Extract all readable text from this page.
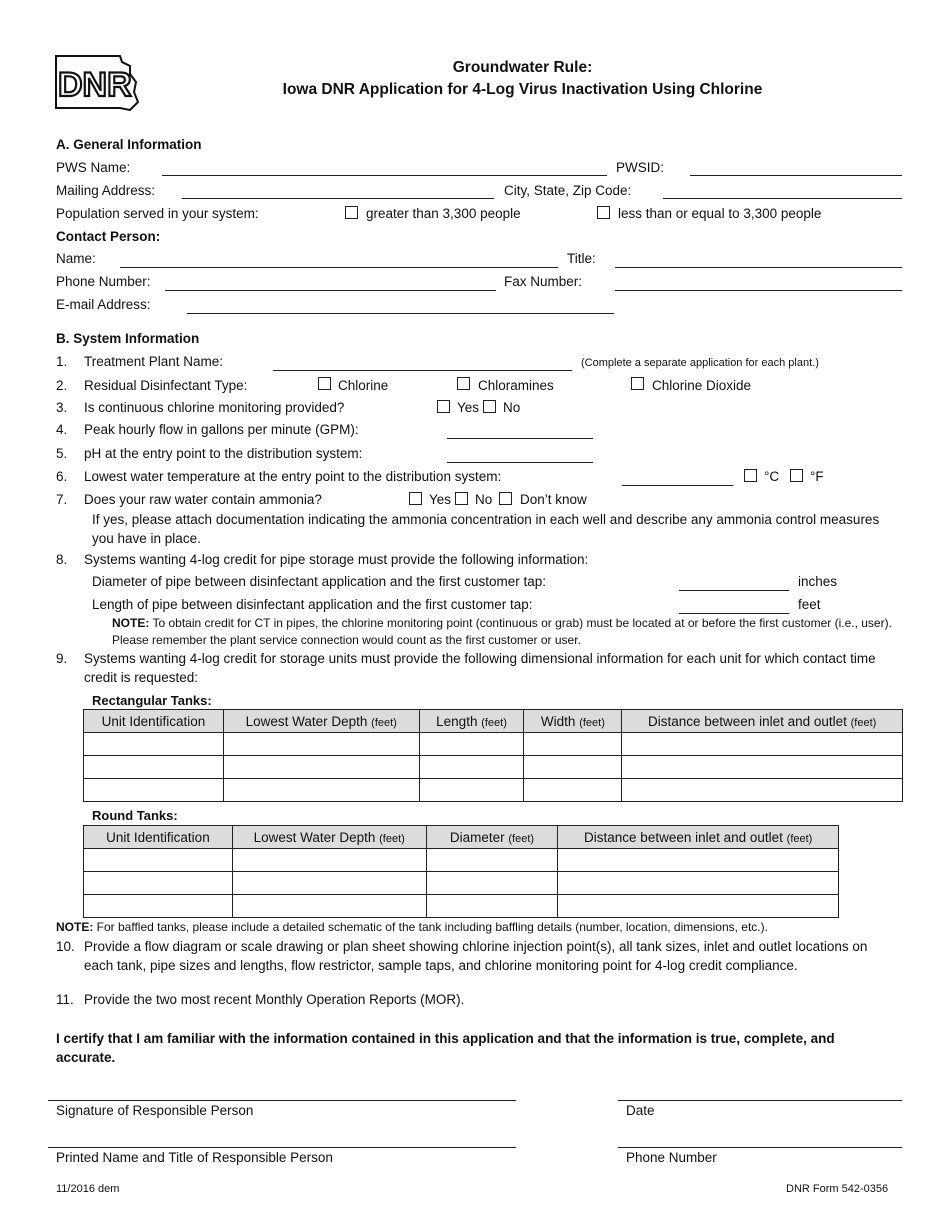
DNR	Groundwater Rule:
Iowa DNR Application for 4-Log Virus Inactivation Using Chlorine
A. General Information
PWS Name:	PWSID:
Mailing Address:	City, State, Zip Code:
Population served in your system:	greater than 3,300 people	less than or equal to 3,300 people
Contact Person:
Name:	Title:
Phone Number:	Fax Number:
E-mail Address:
B. System Information
1. Treatment Plant Name:	(Complete a separate application for each plant.)
2. Residual Disinfectant Type:	Chlorine	Chloramines	Chlorine Dioxide
3. Is continuous chlorine monitoring provided?	Yes No
4. Peak hourly flow in gallons per minute (GPM):
5. pH at the entry point to the distribution system:
6. Lowest water temperature at the entry point to the distribution system:	°C °F
7. Does your raw water contain ammonia?	Yes No Don’t know
If yes, please attach documentation indicating the ammonia concentration in each well and describe any ammonia control measures you have in place.
8. Systems wanting 4-log credit for pipe storage must provide the following information:
Diameter of pipe between disinfectant application and the first customer tap:	inches
Length of pipe between disinfectant application and the first customer tap:	feet
NOTE: To obtain credit for CT in pipes, the chlorine monitoring point (continuous or grab) must be located at or before the first customer (i.e., user). Please remember the plant service connection would count as the first customer or user.
9. Systems wanting 4-log credit for storage units must provide the following dimensional information for each unit for which contact time credit is requested:
Rectangular Tanks:
Unit Identification	Lowest Water Depth (feet)	Length (feet)	Width (feet)	Distance between inlet and outlet (feet)

Round Tanks:
Unit Identification	Lowest Water Depth (feet)	Diameter (feet)	Distance between inlet and outlet (feet)

NOTE: For baffled tanks, please include a detailed schematic of the tank including baffling details (number, location, dimensions, etc.).
10. Provide a flow diagram or scale drawing or plan sheet showing chlorine injection point(s), all tank sizes, inlet and outlet locations on each tank, pipe sizes and lengths, flow restrictor, sample taps, and chlorine monitoring point for 4-log credit compliance.
11. Provide the two most recent Monthly Operation Reports (MOR).
I certify that I am familiar with the information contained in this application and that the information is true, complete, and accurate.
Signature of Responsible Person	Date
Printed Name and Title of Responsible Person	Phone Number
11/2016 dem	DNR Form 542-0356
